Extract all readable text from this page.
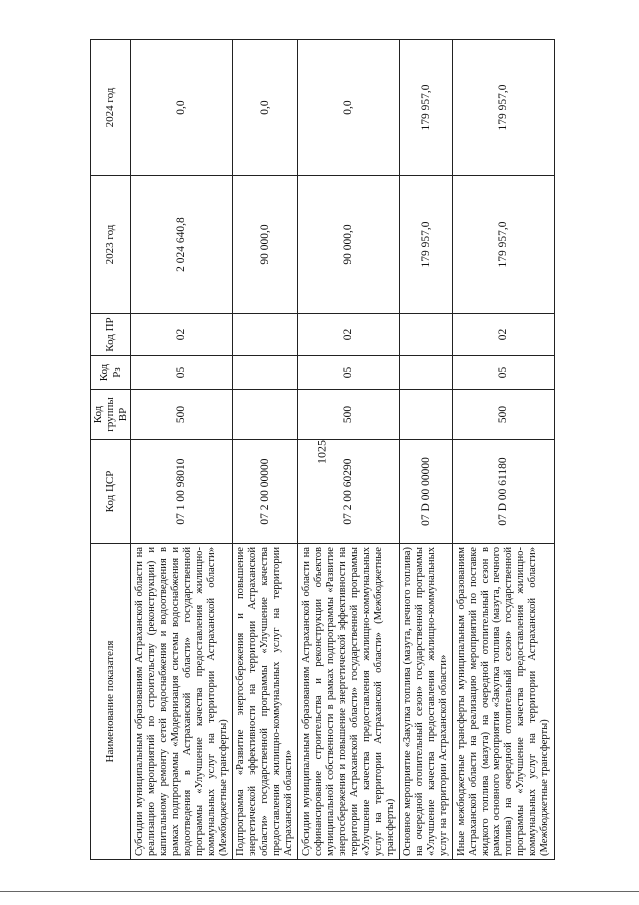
1025
Наименование показателя	Код ЦСР	Код группы ВР	Код Рз	Код ПР	2023 год	2024 год
Субсидии муниципальным образованиям Астраханской области на реализацию мероприятий по строительству (реконструкции) и капитальному ремонту сетей водоснабжения и водоотведения в рамках подпрограммы «Модернизация системы водоснабжения и водоотведения в Астраханской области» государственной программы «Улучшение качества предоставления жилищно-коммунальных услуг на территории Астраханской области» (Межбюджетные трансферты)	07 1 00 98010	500	05	02	2 024 640,8	0,0
Подпрограмма «Развитие энергосбережения и повышение энергетической эффективности на территории Астраханской области» государственной программы «Улучшение качества предоставления жилищно-коммунальных услуг на территории Астраханской области»	07 2 00 00000				90 000,0	0,0
Субсидии муниципальным образованиям Астраханской области на софинансирование строительства и реконструкции объектов муниципальной собственности в рамках подпрограммы «Развитие энергосбережения и повышение энергетической эффективности на территории Астраханской области» государственной программы «Улучшение качества предоставления жилищно-коммунальных услуг на территории Астраханской области» (Межбюджетные трансферты)	07 2 00 60290	500	05	02	90 000,0	0,0
Основное мероприятие «Закупка топлива (мазута, печного топлива) на очередной отопительный сезон» государственной программы «Улучшение качества предоставления жилищно-коммунальных услуг на территории Астраханской области»	07 D 00 00000				179 957,0	179 957,0
Иные межбюджетные трансферты муниципальным образованиям Астраханской области на реализацию мероприятий по поставке жидкого топлива (мазута) на очередной отопительный сезон в рамках основного мероприятия «Закупка топлива (мазута, печного топлива) на очередной отопительный сезон» государственной программы «Улучшение качества предоставления жилищно-коммунальных услуг на территории Астраханской области» (Межбюджетные трансферты)	07 D 00 61180	500	05	02	179 957,0	179 957,0
